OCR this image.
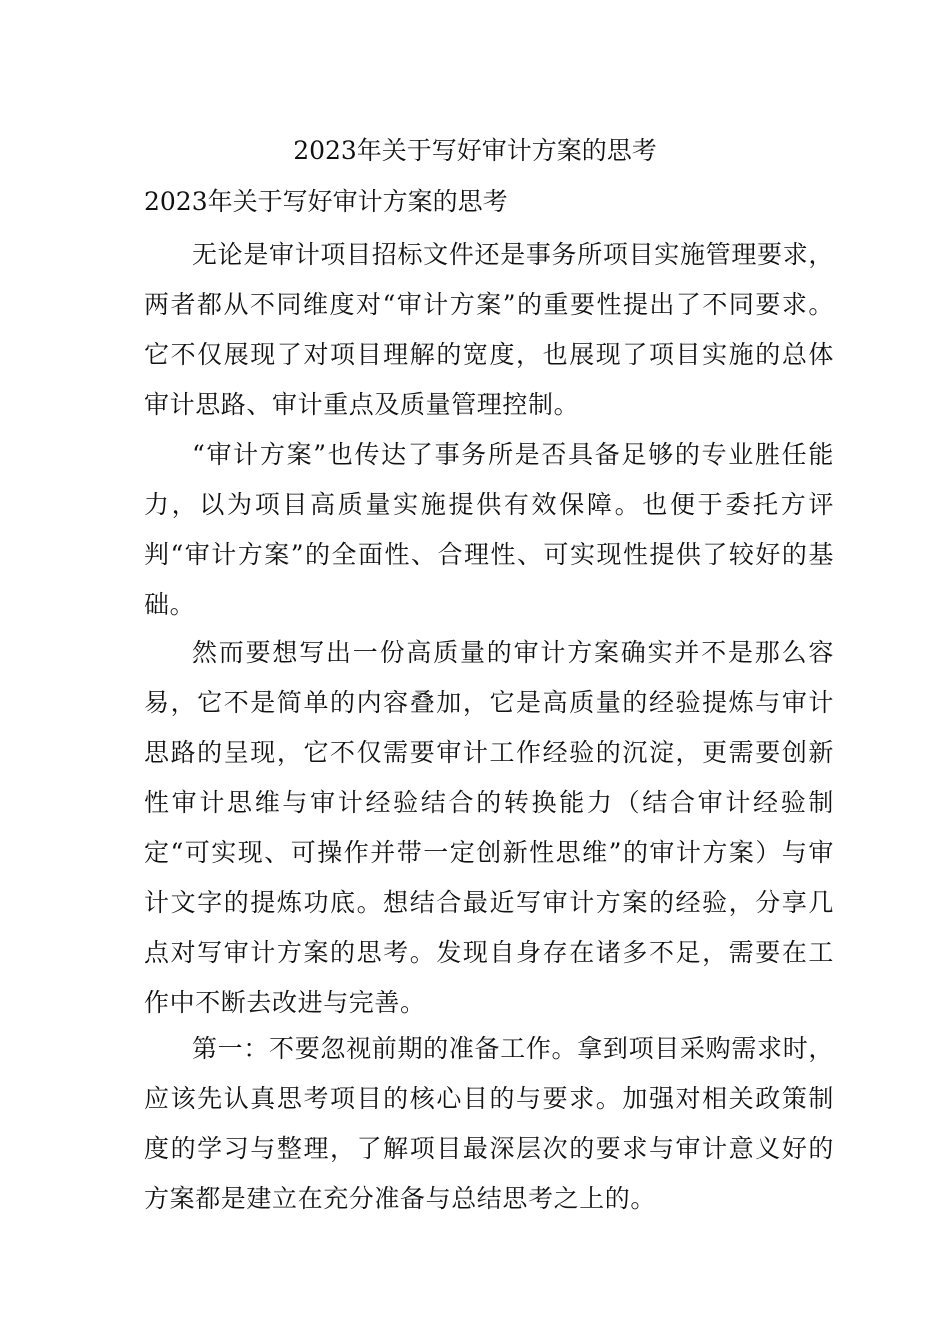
2023年关于写好审计方案的思考
2023年关于写好审计方案的思考

无论是审计项目招标文件还是事务所项目实施管理要求，两者都从不同维度对“审计方案”的重要性提出了不同要求。它不仅展现了对项目理解的宽度，也展现了项目实施的总体审计思路、审计重点及质量管理控制。

“审计方案”也传达了事务所是否具备足够的专业胜任能力，以为项目高质量实施提供有效保障。也便于委托方评判“审计方案”的全面性、合理性、可实现性提供了较好的基础。

然而要想写出一份高质量的审计方案确实并不是那么容易，它不是简单的内容叠加，它是高质量的经验提炼与审计思路的呈现，它不仅需要审计工作经验的沉淀，更需要创新性审计思维与审计经验结合的转换能力（结合审计经验制定“可实现、可操作并带一定创新性思维”的审计方案）与审计文字的提炼功底。想结合最近写审计方案的经验，分享几点对写审计方案的思考。发现自身存在诸多不足，需要在工作中不断去改进与完善。

第一：不要忽视前期的准备工作。拿到项目采购需求时，应该先认真思考项目的核心目的与要求。加强对相关政策制度的学习与整理，了解项目最深层次的要求与审计意义好的方案都是建立在充分准备与总结思考之上的。
